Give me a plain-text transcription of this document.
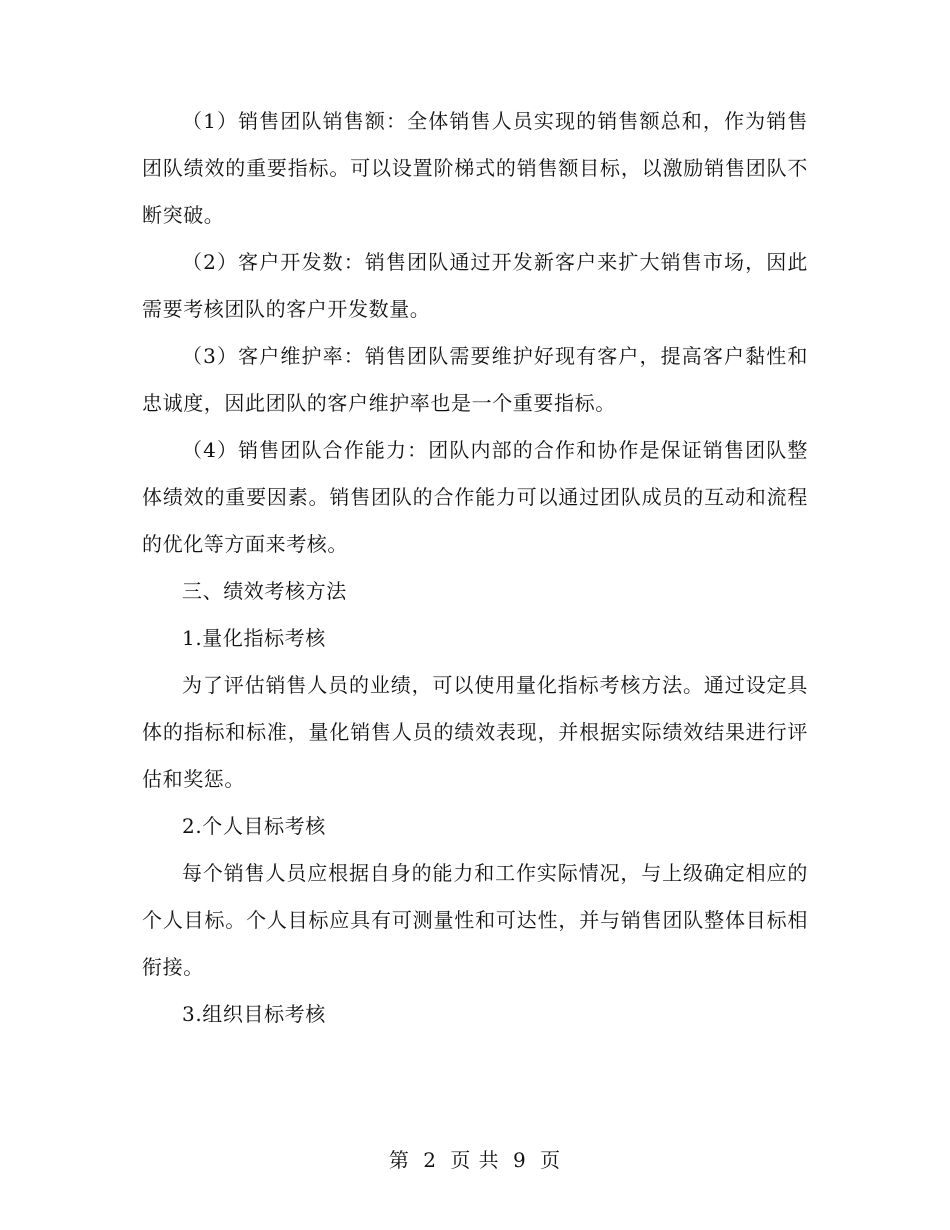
（1）销售团队销售额：全体销售人员实现的销售额总和，作为销售团队绩效的重要指标。可以设置阶梯式的销售额目标，以激励销售团队不断突破。

（2）客户开发数：销售团队通过开发新客户来扩大销售市场，因此需要考核团队的客户开发数量。

（3）客户维护率：销售团队需要维护好现有客户，提高客户黏性和忠诚度，因此团队的客户维护率也是一个重要指标。

（4）销售团队合作能力：团队内部的合作和协作是保证销售团队整体绩效的重要因素。销售团队的合作能力可以通过团队成员的互动和流程的优化等方面来考核。

三、绩效考核方法

1.量化指标考核

为了评估销售人员的业绩，可以使用量化指标考核方法。通过设定具体的指标和标准，量化销售人员的绩效表现，并根据实际绩效结果进行评估和奖惩。

2.个人目标考核

每个销售人员应根据自身的能力和工作实际情况，与上级确定相应的个人目标。个人目标应具有可测量性和可达性，并与销售团队整体目标相衔接。

3.组织目标考核

第 2 页 共 9 页
